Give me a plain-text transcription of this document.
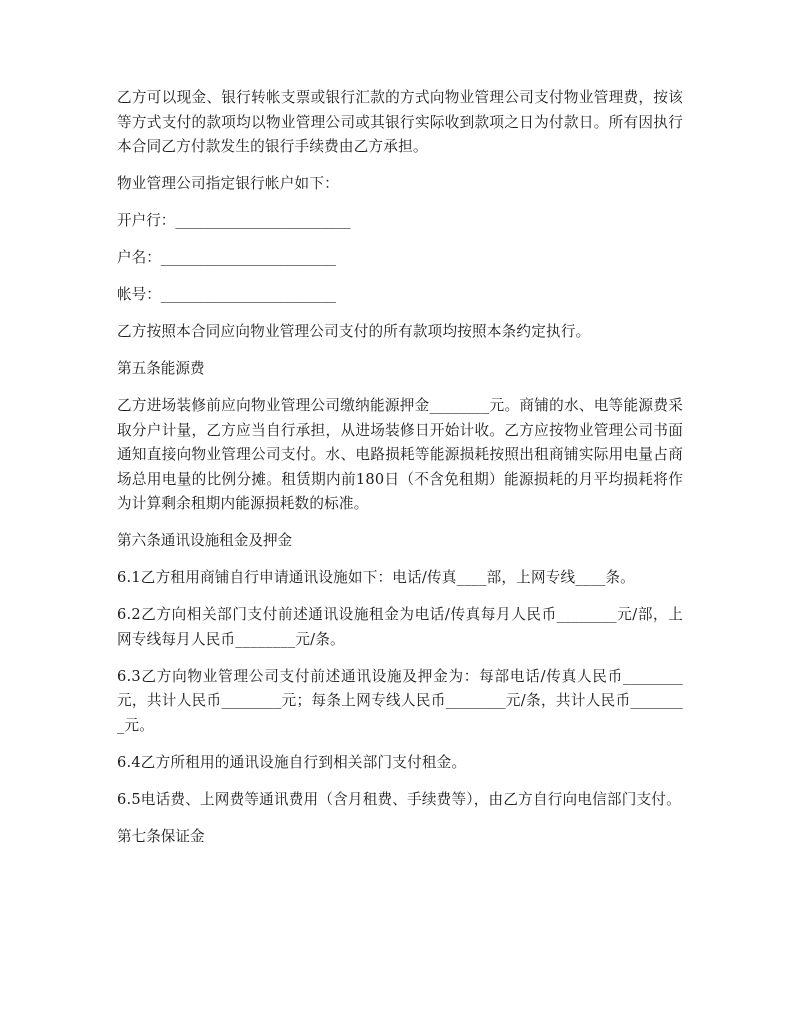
乙方可以现金、银行转帐支票或银行汇款的方式向物业管理公司支付物业管理费，按该等方式支付的款项均以物业管理公司或其银行实际收到款项之日为付款日。所有因执行本合同乙方付款发生的银行手续费由乙方承担。

物业管理公司指定银行帐户如下：

开户行：________________________

户名：________________________

帐号：________________________

乙方按照本合同应向物业管理公司支付的所有款项均按照本条约定执行。

第五条能源费

乙方进场装修前应向物业管理公司缴纳能源押金________元。商铺的水、电等能源费采取分户计量，乙方应当自行承担，从进场装修日开始计收。乙方应按物业管理公司书面通知直接向物业管理公司支付。水、电路损耗等能源损耗按照出租商铺实际用电量占商场总用电量的比例分摊。租赁期内前180日（不含免租期）能源损耗的月平均损耗将作为计算剩余租期内能源损耗数的标准。

第六条通讯设施租金及押金

6.1乙方租用商铺自行申请通讯设施如下：电话/传真____部，上网专线____条。

6.2乙方向相关部门支付前述通讯设施租金为电话/传真每月人民币________元/部，上网专线每月人民币________元/条。

6.3乙方向物业管理公司支付前述通讯设施及押金为：每部电话/传真人民币________元，共计人民币________元；每条上网专线人民币________元/条，共计人民币________元。

6.4乙方所租用的通讯设施自行到相关部门支付租金。

6.5电话费、上网费等通讯费用（含月租费、手续费等），由乙方自行向电信部门支付。

第七条保证金
